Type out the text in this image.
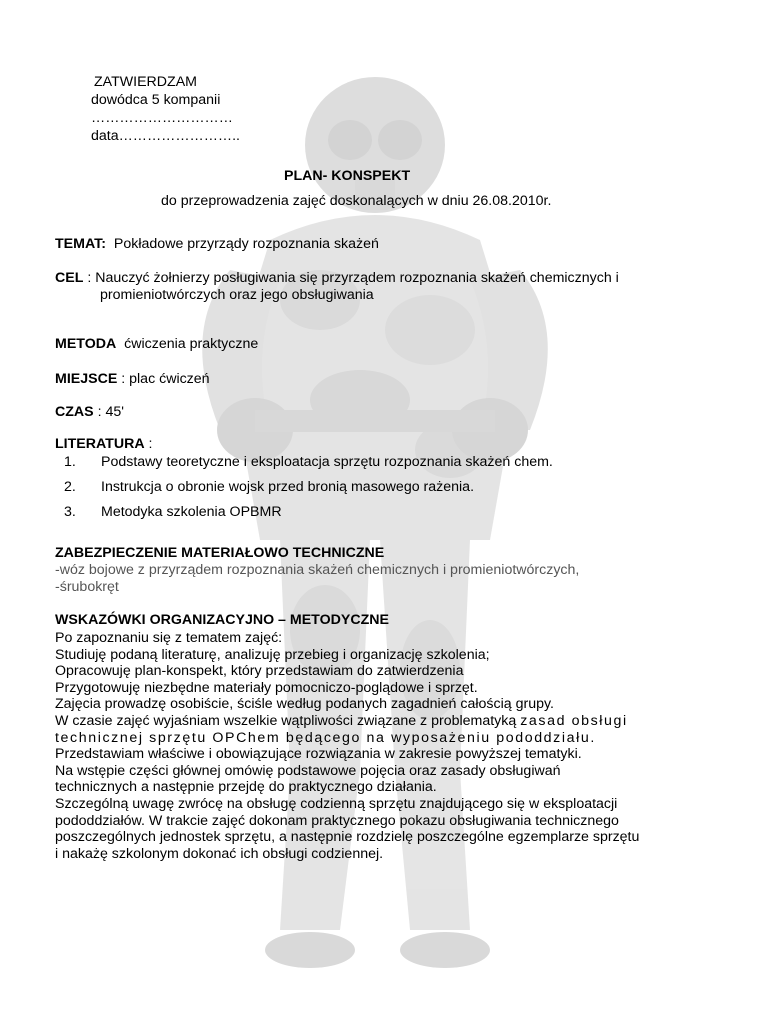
ZATWIERDZAM
dowódca 5 kompanii
…………………………
data……………………..
PLAN- KONSPEKT
do przeprowadzenia zajęć doskonalących w dniu 26.08.2010r.
TEMAT: Pokładowe przyrządy rozpoznania skażeń
CEL : Nauczyć żołnierzy posługiwania się przyrządem rozpoznania skażeń chemicznych i
promieniotwórczych oraz jego obsługiwania
METODA ćwiczenia praktyczne
MIEJSCE : plac ćwiczeń
CZAS : 45'
LITERATURA :
1.	Podstawy teoretyczne i eksploatacja sprzętu rozpoznania skażeń chem.
2.	Instrukcja o obronie wojsk przed bronią masowego rażenia.
3.	Metodyka szkolenia OPBMR
ZABEZPIECZENIE MATERIAŁOWO TECHNICZNE
-wóz bojowe z przyrządem rozpoznania skażeń chemicznych i promieniotwórczych,
-śrubokręt
WSKAZÓWKI ORGANIZACYJNO – METODYCZNE
Po zapoznaniu się z tematem zajęć:
Studiuję podaną literaturę, analizuję przebieg i organizację szkolenia;
Opracowuję plan-konspekt, który przedstawiam do zatwierdzenia
Przygotowuję niezbędne materiały pomocniczo-poglądowe i sprzęt.
Zajęcia prowadzę osobiście, ściśle według podanych zagadnień całością grupy.
W czasie zajęć wyjaśniam wszelkie wątpliwości związane z problematyką zasad obsługi
technicznej sprzętu OPChem będącego na wyposażeniu pododdziału.
Przedstawiam właściwe i obowiązujące rozwiązania w zakresie powyższej tematyki.
Na wstępie części głównej omówię podstawowe pojęcia oraz zasady obsługiwań
technicznych a następnie przejdę do praktycznego działania.
Szczególną uwagę zwrócę na obsługę codzienną sprzętu znajdującego się w eksploatacji
pododdziałów. W trakcie zajęć dokonam praktycznego pokazu obsługiwania technicznego
poszczególnych jednostek sprzętu, a następnie rozdzielę poszczególne egzemplarze sprzętu
i nakażę szkolonym dokonać ich obsługi codziennej.
